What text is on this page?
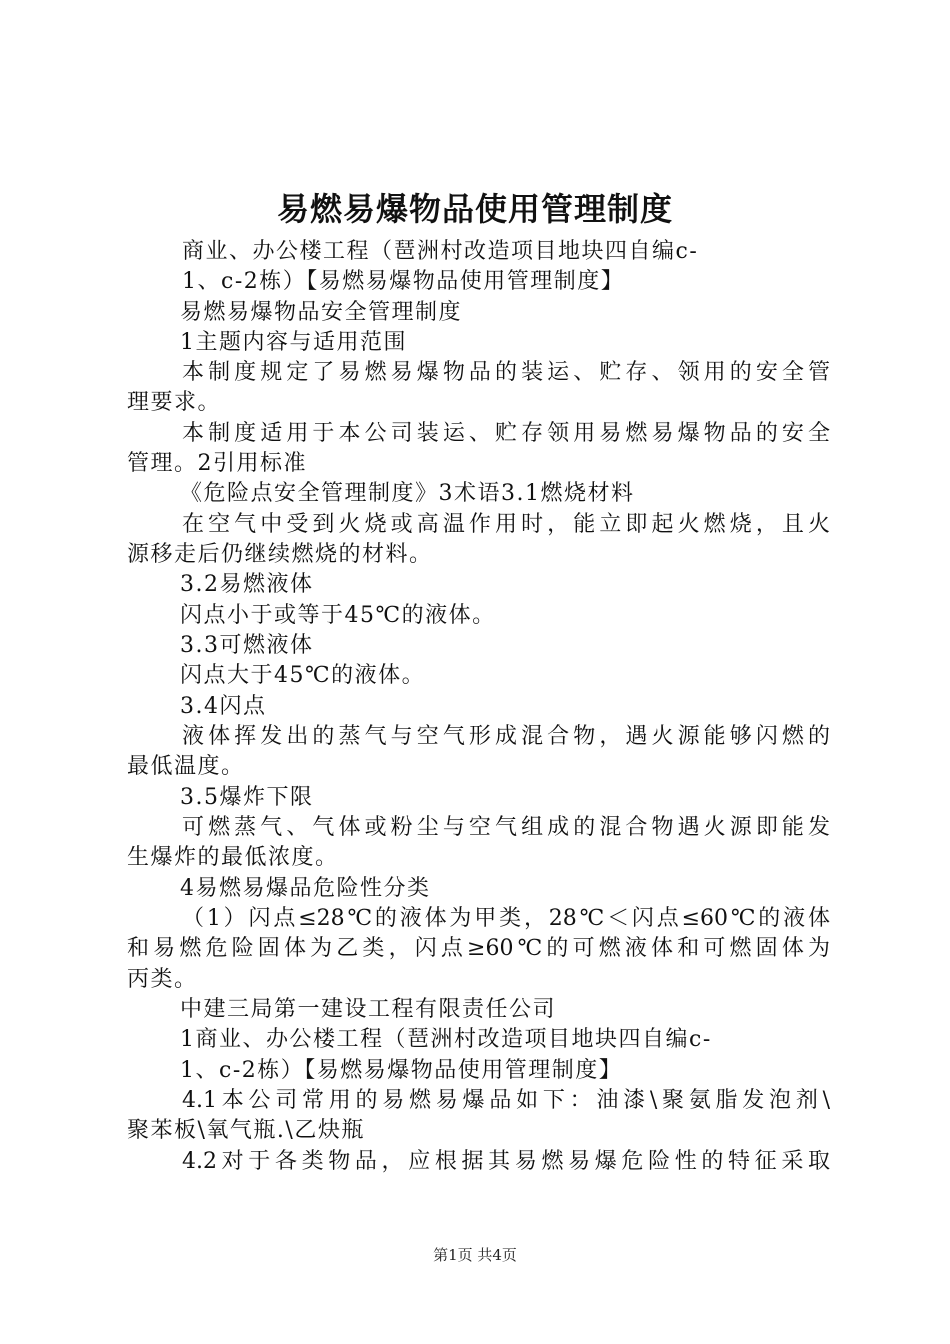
易燃易爆物品使用管理制度
商业、办公楼工程（琶洲村改造项目地块四自编c-
1、c-2栋）【易燃易爆物品使用管理制度】
易燃易爆物品安全管理制度
1主题内容与适用范围
本制度规定了易燃易爆物品的装运、贮存、领用的安全管
理要求。
本制度适用于本公司装运、贮存领用易燃易爆物品的安全
管理。2引用标准
《危险点安全管理制度》3术语3.1燃烧材料
在空气中受到火烧或高温作用时，能立即起火燃烧，且火
源移走后仍继续燃烧的材料。
3.2易燃液体
闪点小于或等于45℃的液体。
3.3可燃液体
闪点大于45℃的液体。
3.4闪点
液体挥发出的蒸气与空气形成混合物，遇火源能够闪燃的
最低温度。
3.5爆炸下限
可燃蒸气、气体或粉尘与空气组成的混合物遇火源即能发
生爆炸的最低浓度。
4易燃易爆品危险性分类
（1）闪点≤28℃的液体为甲类，28℃＜闪点≤60℃的液体
和易燃危险固体为乙类，闪点≥60℃的可燃液体和可燃固体为
丙类。
中建三局第一建设工程有限责任公司
1商业、办公楼工程（琶洲村改造项目地块四自编c-
1、c-2栋）【易燃易爆物品使用管理制度】
4.1本公司常用的易燃易爆品如下：油漆\聚氨脂发泡剂\
聚苯板\氧气瓶.\乙炔瓶
4.2对于各类物品，应根据其易燃易爆危险性的特征采取
第1页 共4页
